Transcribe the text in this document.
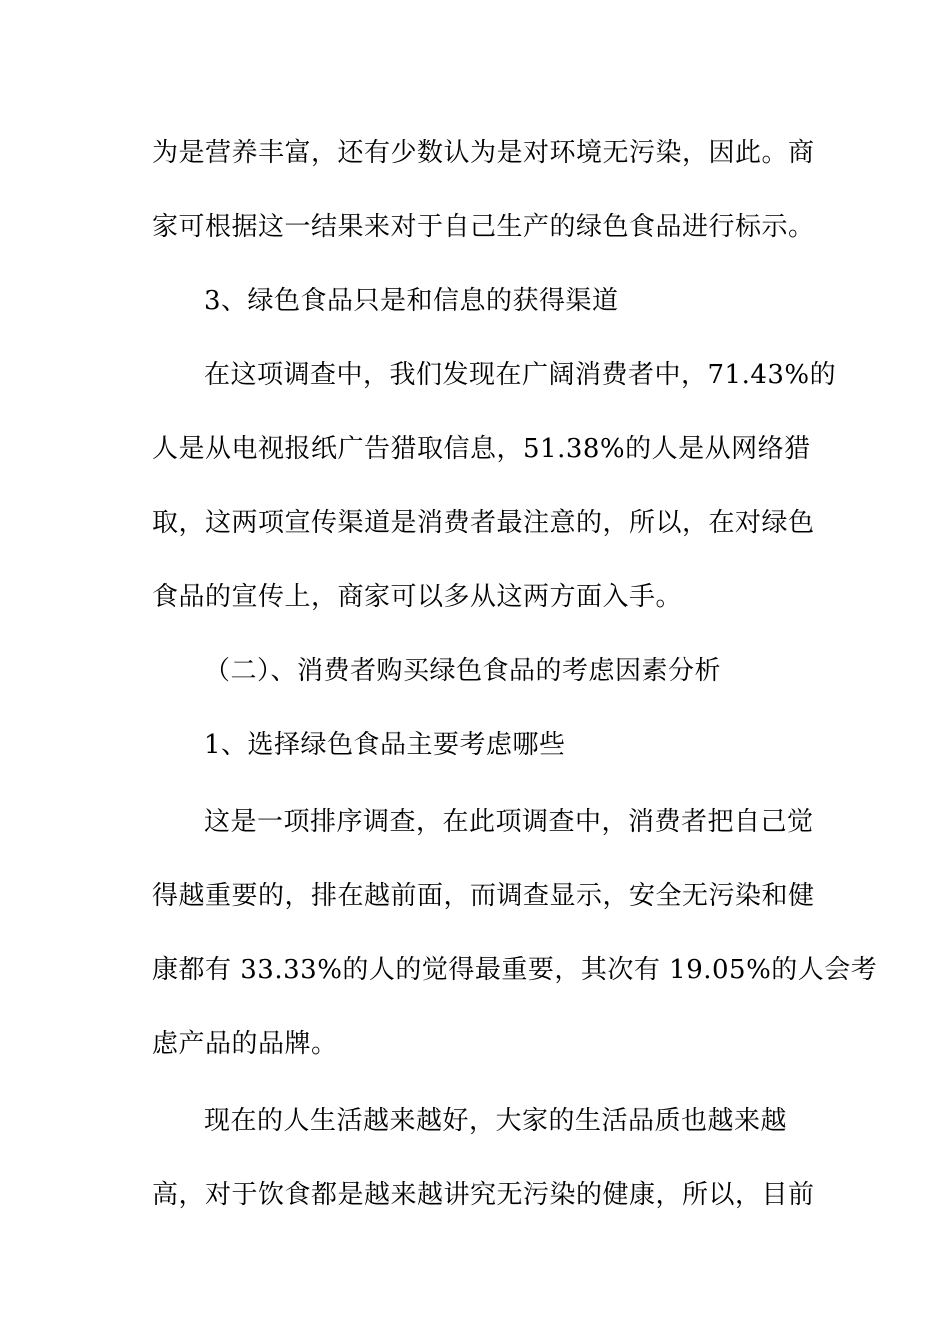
为是营养丰富，还有少数认为是对环境无污染，因此。商
家可根据这一结果来对于自己生产的绿色食品进行标示。
3、绿色食品只是和信息的获得渠道
在这项调查中，我们发现在广阔消费者中，71.43%的
人是从电视报纸广告猎取信息，51.38%的人是从网络猎
取，这两项宣传渠道是消费者最注意的，所以，在对绿色
食品的宣传上，商家可以多从这两方面入手。
（二）、消费者购买绿色食品的考虑因素分析
1、选择绿色食品主要考虑哪些
这是一项排序调查，在此项调查中，消费者把自己觉
得越重要的，排在越前面，而调查显示，安全无污染和健
康都有 33.33%的人的觉得最重要，其次有 19.05%的人会考
虑产品的品牌。
现在的人生活越来越好，大家的生活品质也越来越
高，对于饮食都是越来越讲究无污染的健康，所以，目前
